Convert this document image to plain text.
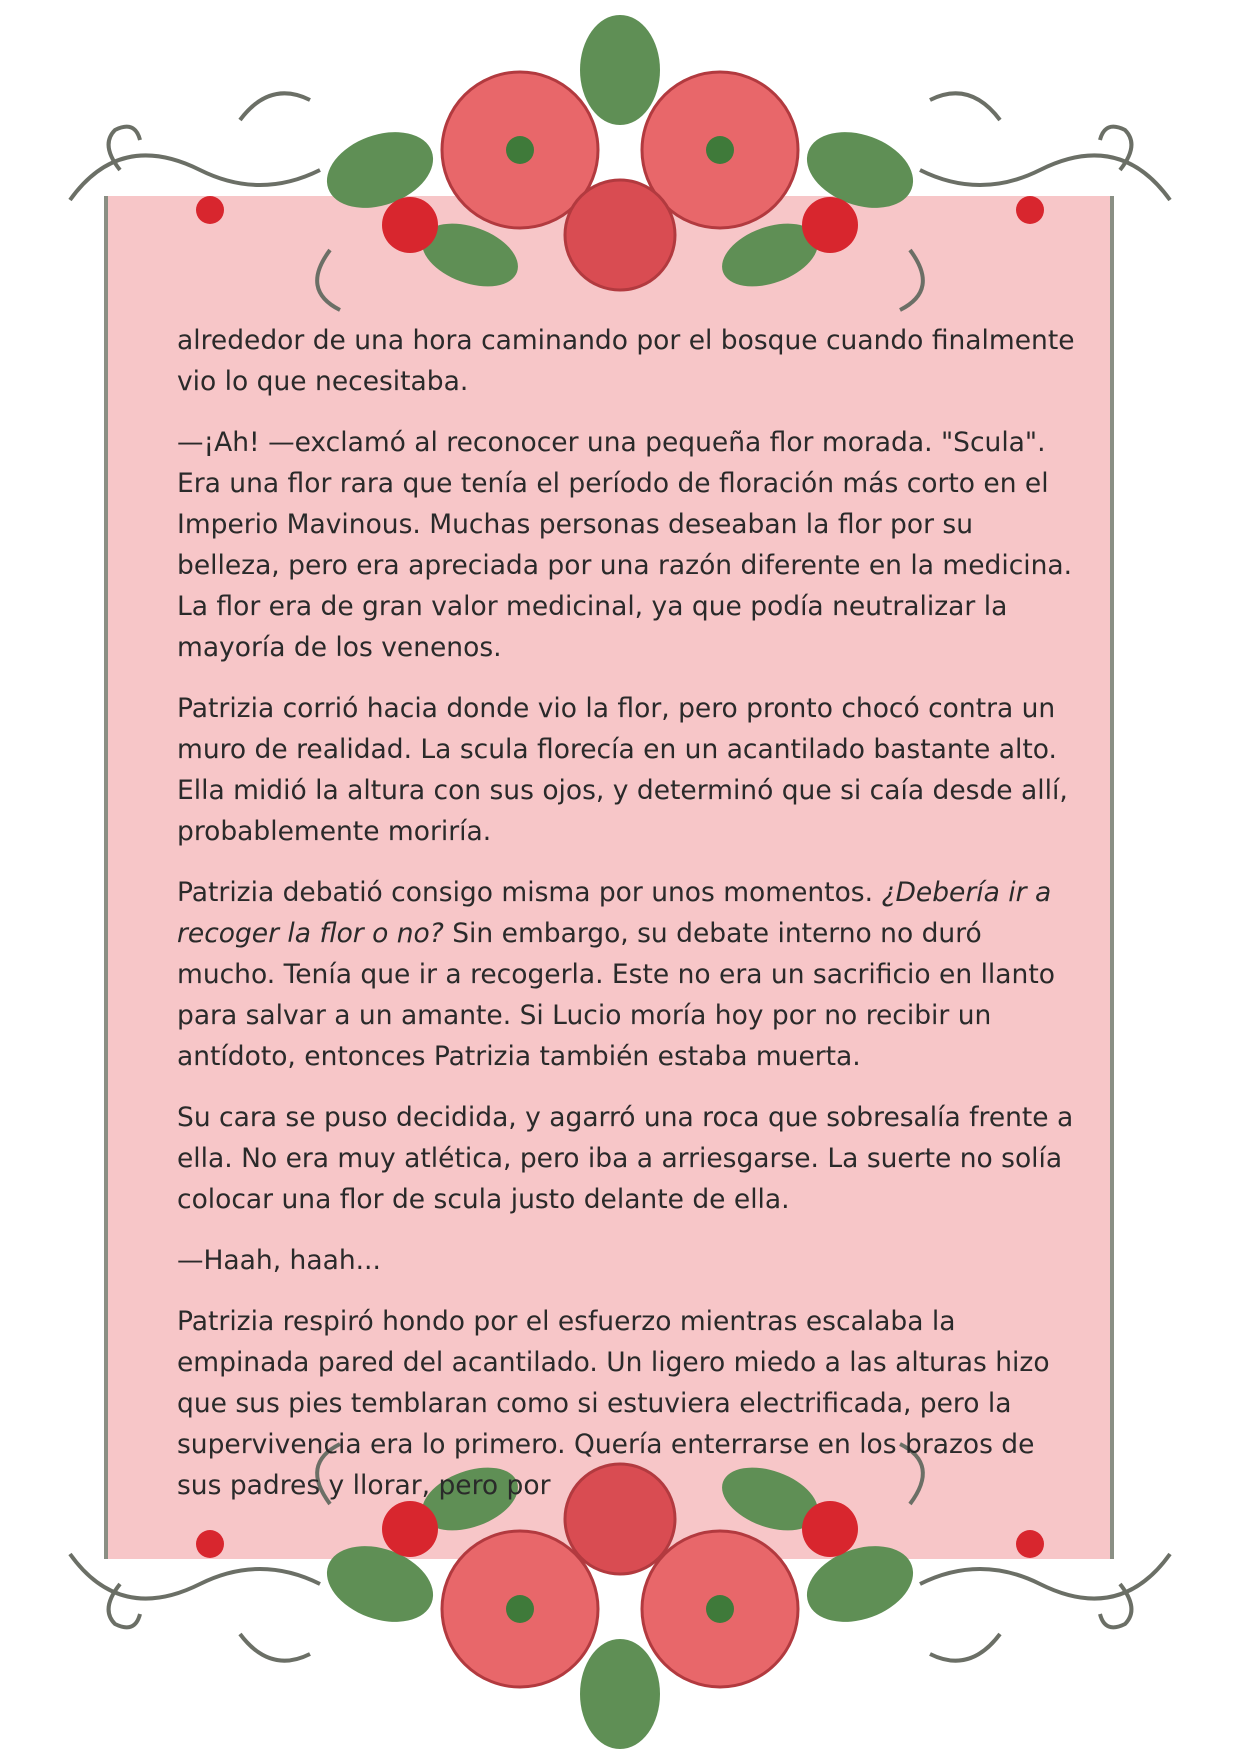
alrededor de una hora caminando por el bosque cuando finalmente vio lo que necesitaba.

—¡Ah! —exclamó al reconocer una pequeña flor morada. "Scula". Era una flor rara que tenía el período de floración más corto en el Imperio Mavinous. Muchas personas deseaban la flor por su belleza, pero era apreciada por una razón diferente en la medicina. La flor era de gran valor medicinal, ya que podía neutralizar la mayoría de los venenos.

Patrizia corrió hacia donde vio la flor, pero pronto chocó contra un muro de realidad. La scula florecía en un acantilado bastante alto. Ella midió la altura con sus ojos, y determinó que si caía desde allí, probablemente moriría.

Patrizia debatió consigo misma por unos momentos. ¿Debería ir a recoger la flor o no? Sin embargo, su debate interno no duró mucho. Tenía que ir a recogerla. Este no era un sacrificio en llanto para salvar a un amante. Si Lucio moría hoy por no recibir un antídoto, entonces Patrizia también estaba muerta.

Su cara se puso decidida, y agarró una roca que sobresalía frente a ella. No era muy atlética, pero iba a arriesgarse. La suerte no solía colocar una flor de scula justo delante de ella.

—Haah, haah...

Patrizia respiró hondo por el esfuerzo mientras escalaba la empinada pared del acantilado. Un ligero miedo a las alturas hizo que sus pies temblaran como si estuviera electrificada, pero la supervivencia era lo primero. Quería enterrarse en los brazos de sus padres y llorar, pero por
